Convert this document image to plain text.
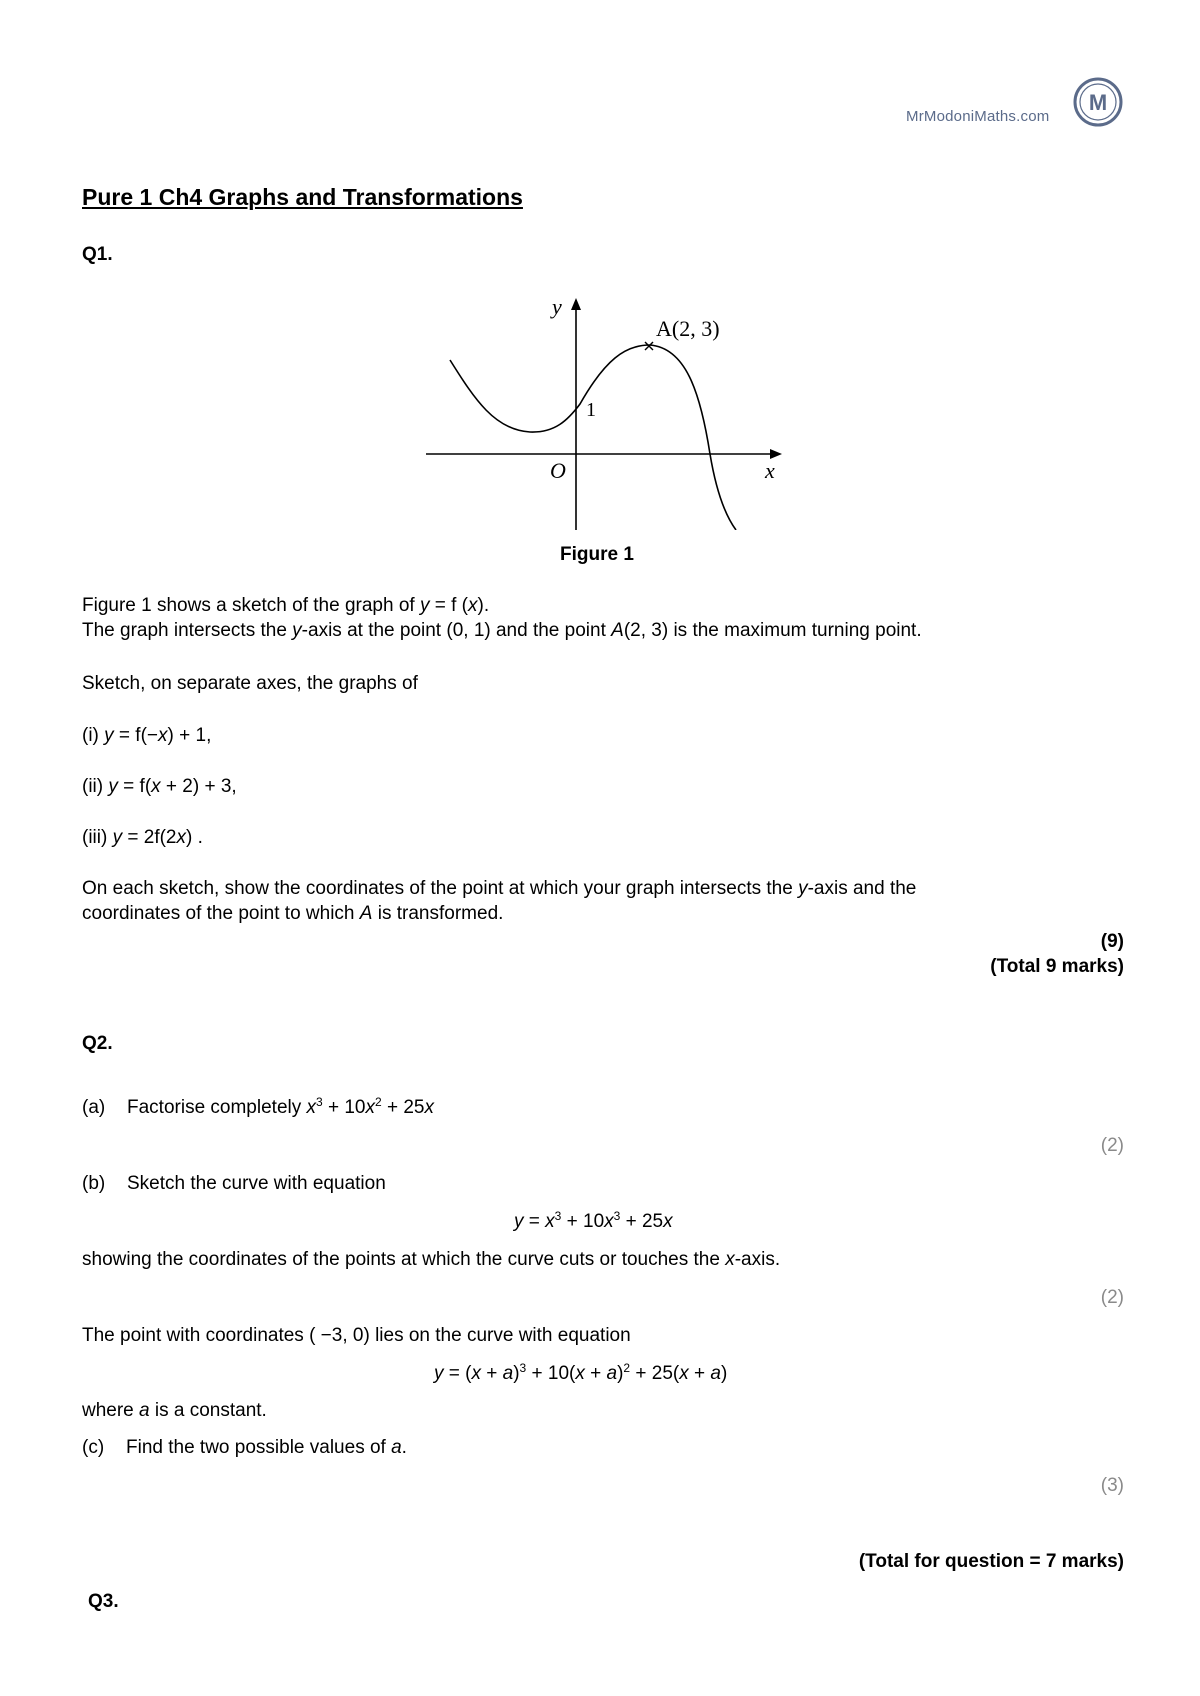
MrModoniMaths.com
M
Pure 1 Ch4 Graphs and Transformations
Q1.
y
x
O
1
A(2, 3)
Figure 1
Figure 1 shows a sketch of the graph of y = f (x).
The graph intersects the y-axis at the point (0, 1) and the point A(2, 3) is the maximum turning point.
Sketch, on separate axes, the graphs of
(i) y = f(−x) + 1,
(ii) y = f(x + 2) + 3,
(iii) y = 2f(2x) .
On each sketch, show the coordinates of the point at which your graph intersects the y-axis and the
coordinates of the point to which A is transformed.
(9)
(Total 9 marks)
Q2.
(a) Factorise completely $x^3 + 10x^2 + 25x$
(2)
(b) Sketch the curve with equation
$y = x^3 + 10x^3 + 25x$
showing the coordinates of the points at which the curve cuts or touches the x-axis.
(2)
The point with coordinates ( −3, 0) lies on the curve with equation
$y = (x + a)^3 + 10(x + a)^2 + 25(x + a)$
where a is a constant.
(c) Find the two possible values of a.
(3)
(Total for question = 7 marks)
Q3.
